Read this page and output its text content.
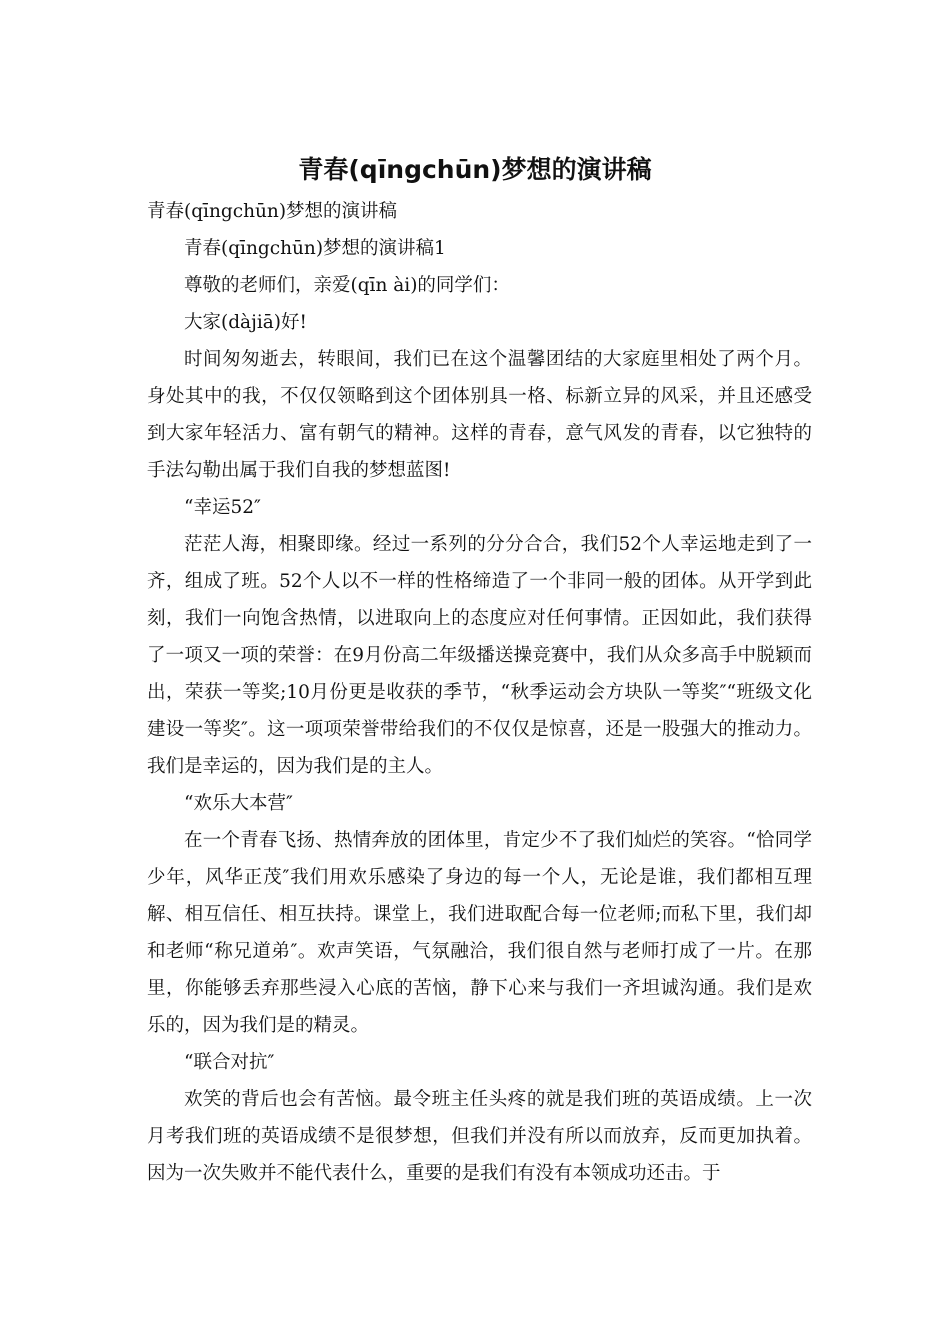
青春(qīngchūn)梦想的演讲稿

青春(qīngchūn)梦想的演讲稿

青春(qīngchūn)梦想的演讲稿1

尊敬的老师们，亲爱(qīn ài)的同学们：

大家(dàjiā)好!

时间匆匆逝去，转眼间，我们已在这个温馨团结的大家庭里相处了两个月。身处其中的我，不仅仅领略到这个团体别具一格、标新立异的风采，并且还感受到大家年轻活力、富有朝气的精神。这样的青春，意气风发的青春，以它独特的手法勾勒出属于我们自我的梦想蓝图!

“幸运52″

茫茫人海，相聚即缘。经过一系列的分分合合，我们52个人幸运地走到了一齐，组成了班。52个人以不一样的性格缔造了一个非同一般的团体。从开学到此刻，我们一向饱含热情，以进取向上的态度应对任何事情。正因如此，我们获得了一项又一项的荣誉：在9月份高二年级播送操竞赛中，我们从众多高手中脱颖而出，荣获一等奖;10月份更是收获的季节，“秋季运动会方块队一等奖″“班级文化建设一等奖″。这一项项荣誉带给我们的不仅仅是惊喜，还是一股强大的推动力。我们是幸运的，因为我们是的主人。

“欢乐大本营″

在一个青春飞扬、热情奔放的团体里，肯定少不了我们灿烂的笑容。“恰同学少年，风华正茂″我们用欢乐感染了身边的每一个人，无论是谁，我们都相互理解、相互信任、相互扶持。课堂上，我们进取配合每一位老师;而私下里，我们却和老师“称兄道弟″。欢声笑语，气氛融洽，我们很自然与老师打成了一片。在那里，你能够丢弃那些浸入心底的苦恼，静下心来与我们一齐坦诚沟通。我们是欢乐的，因为我们是的精灵。

“联合对抗″

欢笑的背后也会有苦恼。最令班主任头疼的就是我们班的英语成绩。上一次月考我们班的英语成绩不是很梦想，但我们并没有所以而放弃，反而更加执着。因为一次失败并不能代表什么，重要的是我们有没有本领成功还击。于
